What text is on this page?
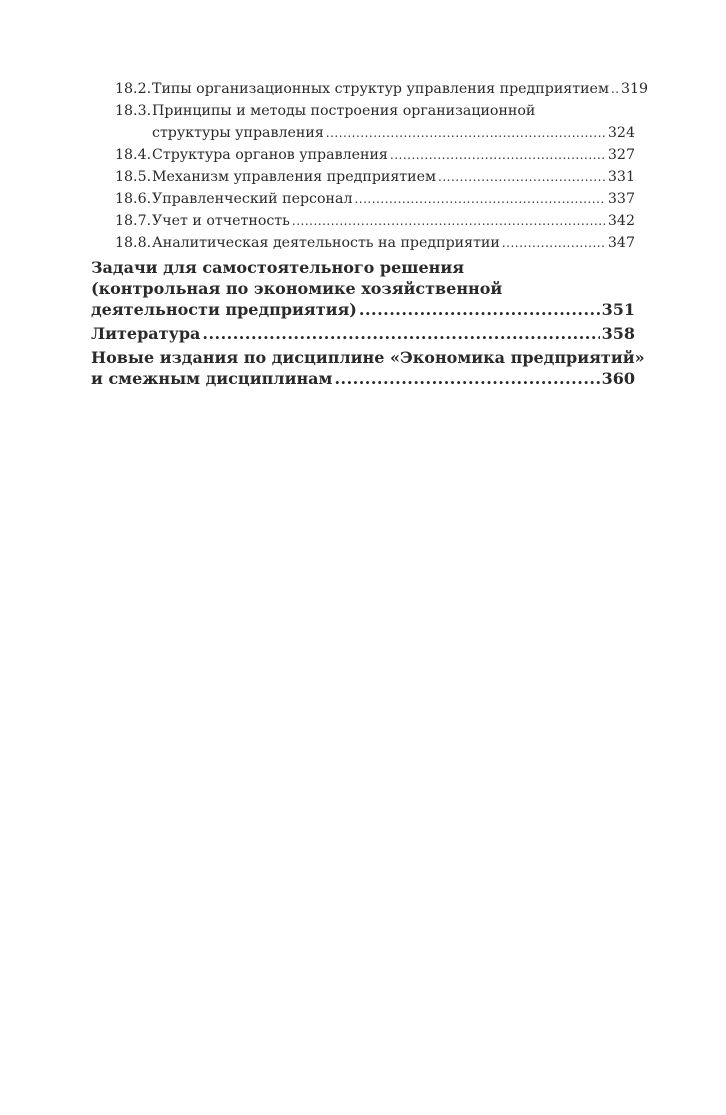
18.2. Типы организационных структур управления предприятием ..... 319
18.3. Принципы и методы построения организационной
структуры управления .....	324
18.4. Структура органов управления .....	327
18.5. Механизм управления предприятием .....	331
18.6. Управленческий персонал .....	337
18.7. Учет и отчетность .....	342
18.8. Аналитическая деятельность на предприятии .....	347
Задачи для самостоятельного решения
(контрольная по экономике хозяйственной
деятельности предприятия) .....	351
Литература .....	358
Новые издания по дисциплине «Экономика предприятий»
и смежным дисциплинам .....	360
